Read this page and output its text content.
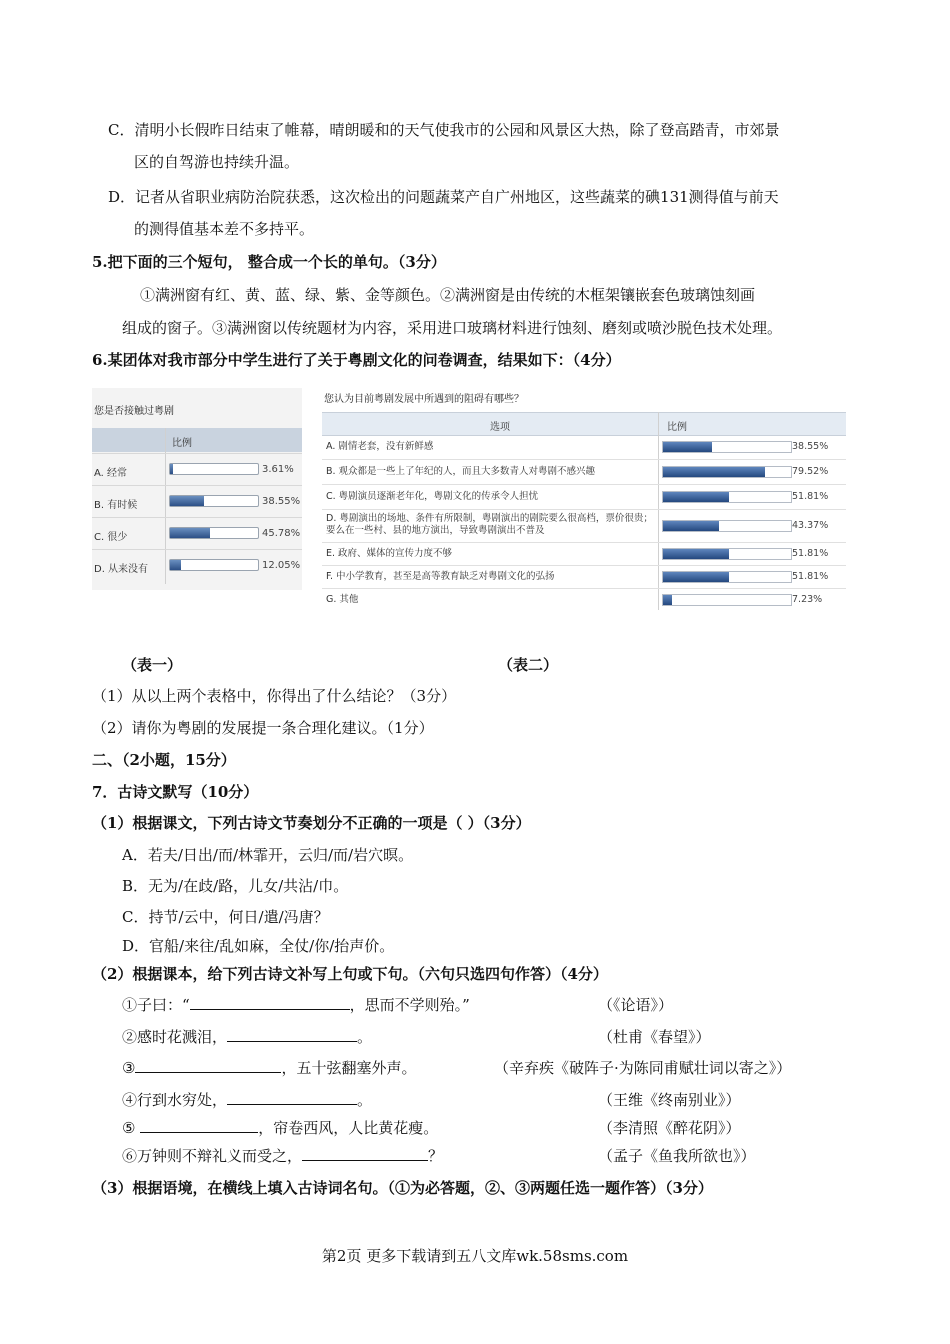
C．清明小长假昨日结束了帷幕，晴朗暖和的天气使我市的公园和风景区大热，除了登高踏青，市郊景
区的自驾游也持续升温。
D．记者从省职业病防治院获悉，这次检出的问题蔬菜产自广州地区，这些蔬菜的碘131测得值与前天
的测得值基本差不多持平。
5.把下面的三个短句， 整合成一个长的单句。（3分）
①满洲窗有红、黄、蓝、绿、紫、金等颜色。②满洲窗是由传统的木框架镶嵌套色玻璃蚀刻画
组成的窗子。③满洲窗以传统题材为内容，采用进口玻璃材料进行蚀刻、磨刻或喷沙脱色技术处理。
6.某团体对我市部分中学生进行了关于粤剧文化的问卷调查，结果如下：（4分）
您是否接触过粤剧
比例
A. 经常	3.61%
B. 有时候	38.55%
C. 很少	45.78%
D. 从来没有	12.05%
您认为目前粤剧发展中所遇到的阻碍有哪些？
选项	比例
A. 剧情老套，没有新鲜感	38.55%
B. 观众都是一些上了年纪的人，而且大多数青人对粤剧不感兴趣	79.52%
C. 粤剧演员逐渐老年化，粤剧文化的传承令人担忧	51.81%
D. 粤剧演出的场地、条件有所限制，粤剧演出的剧院要么很高档，票价很贵；要么在一些村、县的地方演出，导致粤剧演出不普及	43.37%
E. 政府、媒体的宣传力度不够	51.81%
F. 中小学教育，甚至是高等教育缺乏对粤剧文化的弘扬	51.81%
G. 其他	7.23%
（表一）	（表二）
（1）从以上两个表格中，你得出了什么结论？（3分）
（2）请你为粤剧的发展提一条合理化建议。（1分）
二、（2小题，15分）
7．古诗文默写（10分）
（1）根据课文，下列古诗文节奏划分不正确的一项是（ ）（3分）
A．若夫/日出/而/林霏开，云归/而/岩穴暝。
B．无为/在歧/路，儿女/共沾/巾。
C．持节/云中，何日/遣/冯唐？
D．官船/来往/乱如麻，全仗/你/抬声价。
（2）根据课本，给下列古诗文补写上句或下句。（六句只选四句作答）（4分）
①子曰：“	，思而不学则殆。”	（《论语》）
②感时花溅泪，	。	（杜甫《春望》）
③	，五十弦翻塞外声。	（辛弃疾《破阵子·为陈同甫赋壮词以寄之》）
④行到水穷处，	。	（王维《终南别业》）
⑤	，帘卷西风，人比黄花瘦。	（李清照《醉花阴》）
⑥万钟则不辩礼义而受之，	？	（孟子《鱼我所欲也》）
（3）根据语境，在横线上填入古诗词名句。（①为必答题，②、③两题任选一题作答）（3分）
第2页 更多下载请到五八文库wk.58sms.com
